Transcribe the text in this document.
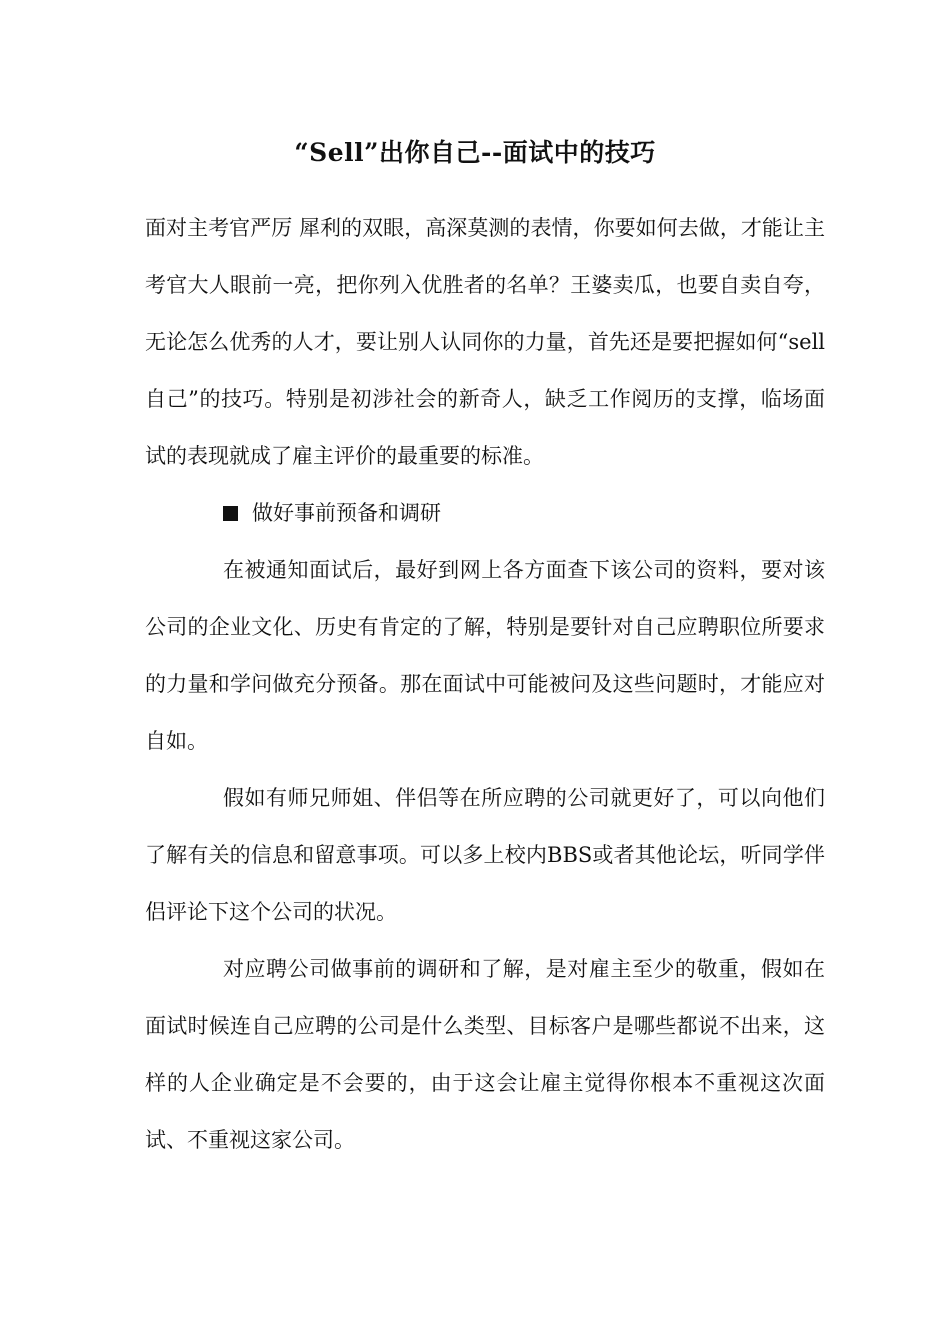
“Sell”出你自己--面试中的技巧

面对主考官严厉 犀利的双眼，高深莫测的表情，你要如何去做，才能让主考官大人眼前一亮，把你列入优胜者的名单？王婆卖瓜，也要自卖自夸，无论怎么优秀的人才，要让别人认同你的力量，首先还是要把握如何“sell自己”的技巧。特别是初涉社会的新奇人，缺乏工作阅历的支撑，临场面试的表现就成了雇主评价的最重要的标准。

做好事前预备和调研

在被通知面试后，最好到网上各方面查下该公司的资料，要对该公司的企业文化、历史有肯定的了解，特别是要针对自己应聘职位所要求的力量和学问做充分预备。那在面试中可能被问及这些问题时，才能应对自如。

假如有师兄师姐、伴侣等在所应聘的公司就更好了，可以向他们了解有关的信息和留意事项。可以多上校内BBS或者其他论坛，听同学伴侣评论下这个公司的状况。

对应聘公司做事前的调研和了解，是对雇主至少的敬重，假如在面试时候连自己应聘的公司是什么类型、目标客户是哪些都说不出来，这样的人企业确定是不会要的，由于这会让雇主觉得你根本不重视这次面试、不重视这家公司。
